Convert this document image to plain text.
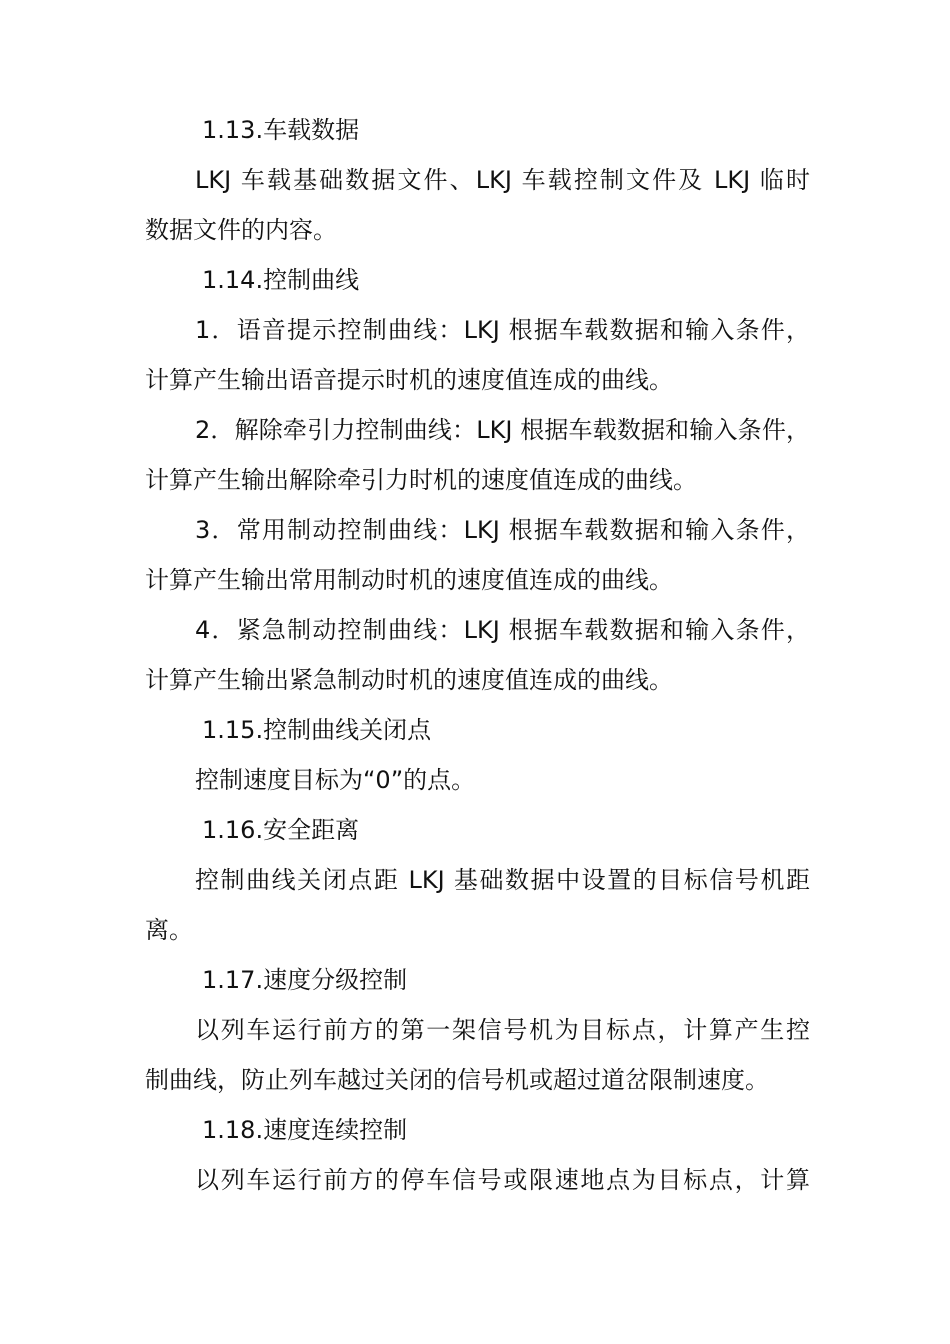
1.13.车载数据
LKJ 车载基础数据文件、LKJ 车载控制文件及 LKJ 临时
数据文件的内容。
1.14.控制曲线
1．语音提示控制曲线：LKJ 根据车载数据和输入条件，
计算产生输出语音提示时机的速度值连成的曲线。
2．解除牵引力控制曲线：LKJ 根据车载数据和输入条件，
计算产生输出解除牵引力时机的速度值连成的曲线。
3．常用制动控制曲线：LKJ 根据车载数据和输入条件，
计算产生输出常用制动时机的速度值连成的曲线。
4．紧急制动控制曲线：LKJ 根据车载数据和输入条件，
计算产生输出紧急制动时机的速度值连成的曲线。
1.15.控制曲线关闭点
控制速度目标为“0”的点。
1.16.安全距离
控制曲线关闭点距 LKJ 基础数据中设置的目标信号机距
离。
1.17.速度分级控制
以列车运行前方的第一架信号机为目标点，计算产生控
制曲线，防止列车越过关闭的信号机或超过道岔限制速度。
1.18.速度连续控制
以列车运行前方的停车信号或限速地点为目标点，计算
